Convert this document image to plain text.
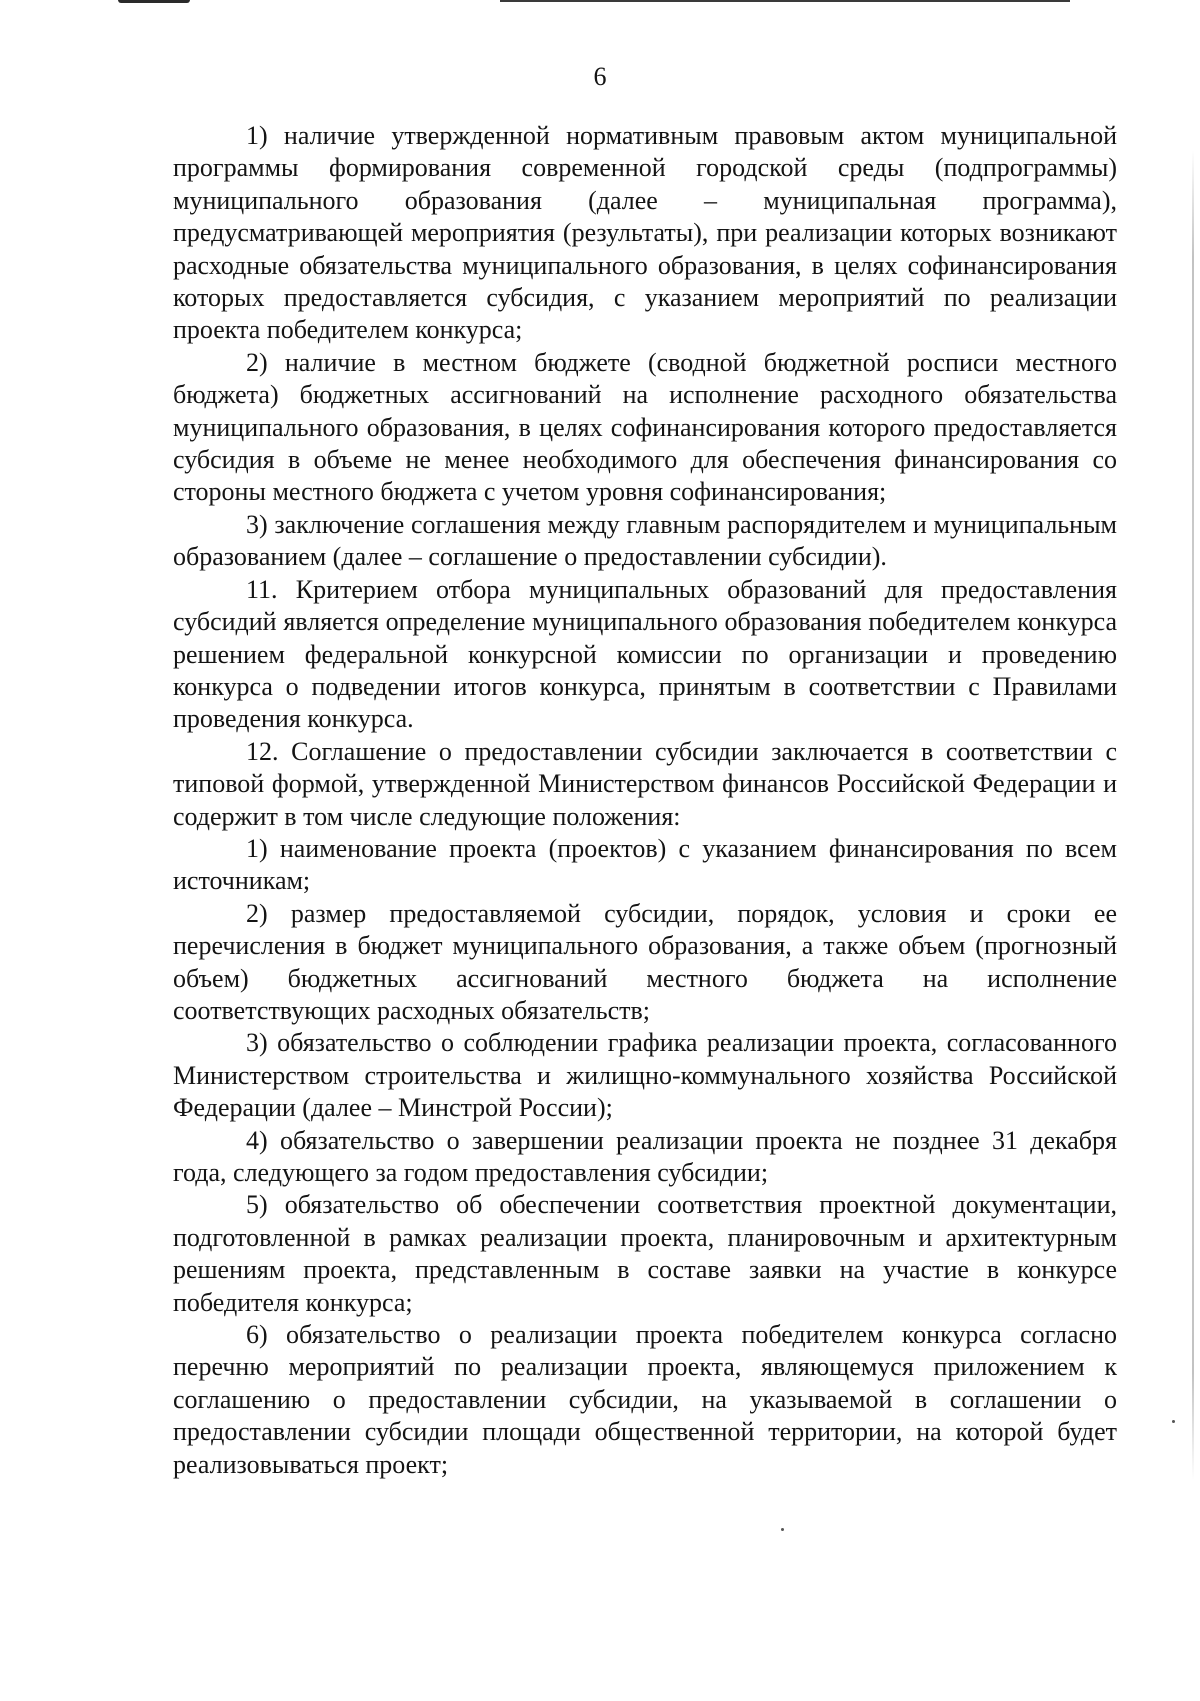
6

1) наличие утвержденной нормативным правовым актом муниципальной программы формирования современной городской среды (подпрограммы) муниципального образования (далее – муниципальная программа), предусматривающей мероприятия (результаты), при реализации которых возникают расходные обязательства муниципального образования, в целях софинансирования которых предоставляется субсидия, с указанием мероприятий по реализации проекта победителем конкурса;

2) наличие в местном бюджете (сводной бюджетной росписи местного бюджета) бюджетных ассигнований на исполнение расходного обязательства муниципального образования, в целях софинансирования которого предоставляется субсидия в объеме не менее необходимого для обеспечения финансирования со стороны местного бюджета с учетом уровня софинансирования;

3) заключение соглашения между главным распорядителем и муниципальным образованием (далее – соглашение о предоставлении субсидии).

11. Критерием отбора муниципальных образований для предоставления субсидий является определение муниципального образования победителем конкурса решением федеральной конкурсной комиссии по организации и проведению конкурса о подведении итогов конкурса, принятым в соответствии с Правилами проведения конкурса.

12. Соглашение о предоставлении субсидии заключается в соответствии с типовой формой, утвержденной Министерством финансов Российской Федерации и содержит в том числе следующие положения:

1) наименование проекта (проектов) с указанием финансирования по всем источникам;

2) размер предоставляемой субсидии, порядок, условия и сроки ее перечисления в бюджет муниципального образования, а также объем (прогнозный объем) бюджетных ассигнований местного бюджета на исполнение соответствующих расходных обязательств;

3) обязательство о соблюдении графика реализации проекта, согласованного Министерством строительства и жилищно-коммунального хозяйства Российской Федерации (далее – Минстрой России);

4) обязательство о завершении реализации проекта не позднее 31 декабря года, следующего за годом предоставления субсидии;

5) обязательство об обеспечении соответствия проектной документации, подготовленной в рамках реализации проекта, планировочным и архитектурным решениям проекта, представленным в составе заявки на участие в конкурсе победителя конкурса;

6) обязательство о реализации проекта победителем конкурса согласно перечню мероприятий по реализации проекта, являющемуся приложением к соглашению о предоставлении субсидии, на указываемой в соглашении о предоставлении субсидии площади общественной территории, на которой будет реализовываться проект;
